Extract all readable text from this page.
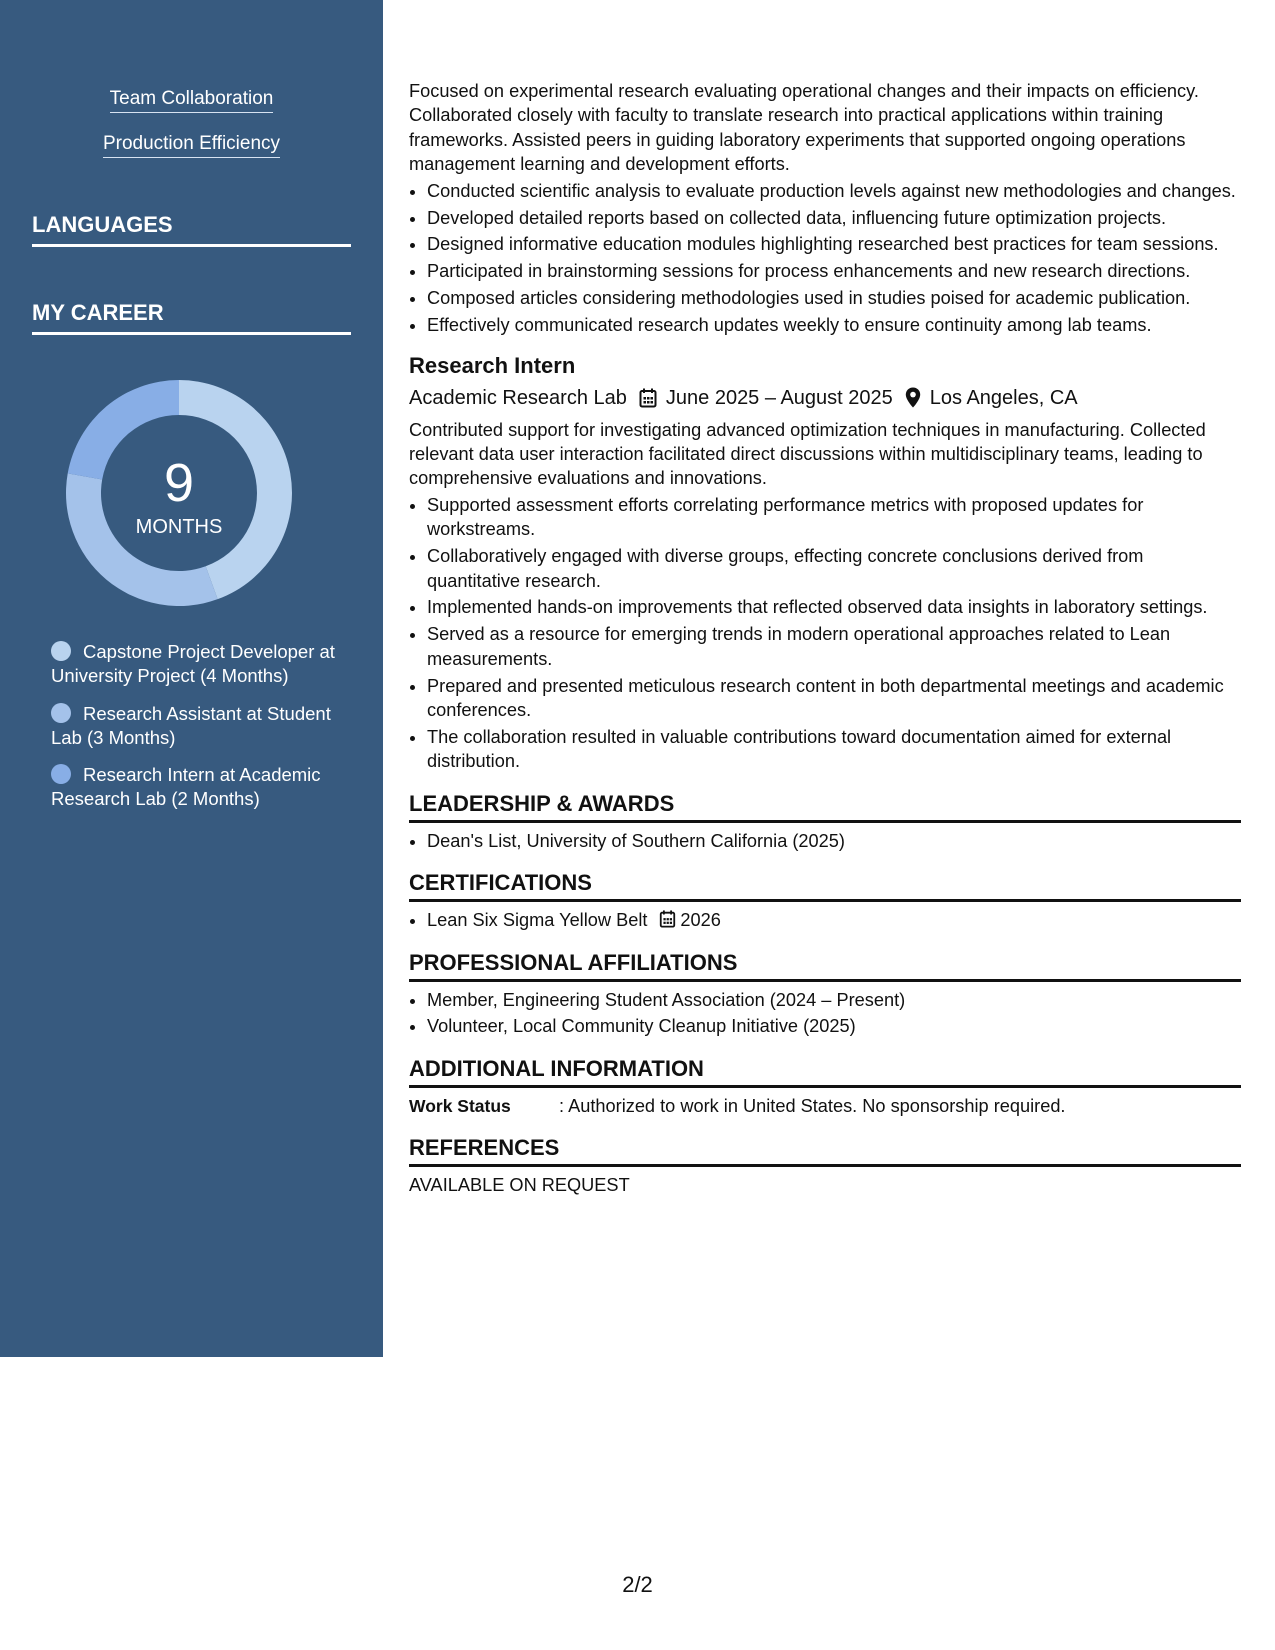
Team Collaboration
Production Efficiency
LANGUAGES
MY CAREER
9
MONTHS
Capstone Project Developer at University Project (4 Months)
Research Assistant at Student Lab (3 Months)
Research Intern at Academic Research Lab (2 Months)

Focused on experimental research evaluating operational changes and their impacts on efficiency. Collaborated closely with faculty to translate research into practical applications within training frameworks. Assisted peers in guiding laboratory experiments that supported ongoing operations management learning and development efforts.

• Conducted scientific analysis to evaluate production levels against new methodologies and changes.
• Developed detailed reports based on collected data, influencing future optimization projects.
• Designed informative education modules highlighting researched best practices for team sessions.
• Participated in brainstorming sessions for process enhancements and new research directions.
• Composed articles considering methodologies used in studies poised for academic publication.
• Effectively communicated research updates weekly to ensure continuity among lab teams.
Research Intern
Academic Research Lab June 2025 – August 2025 Los Angeles, CA

Contributed support for investigating advanced optimization techniques in manufacturing. Collected relevant data user interaction facilitated direct discussions within multidisciplinary teams, leading to comprehensive evaluations and innovations.

• Supported assessment efforts correlating performance metrics with proposed updates for workstreams.
• Collaboratively engaged with diverse groups, effecting concrete conclusions derived from quantitative research.
• Implemented hands-on improvements that reflected observed data insights in laboratory settings.
• Served as a resource for emerging trends in modern operational approaches related to Lean measurements.
• Prepared and presented meticulous research content in both departmental meetings and academic conferences.
• The collaboration resulted in valuable contributions toward documentation aimed for external distribution.
LEADERSHIP & AWARDS
• Dean's List, University of Southern California (2025)
CERTIFICATIONS
• Lean Six Sigma Yellow Belt 2026
PROFESSIONAL AFFILIATIONS
• Member, Engineering Student Association (2024 – Present)
• Volunteer, Local Community Cleanup Initiative (2025)
ADDITIONAL INFORMATION
Work Status	: Authorized to work in United States. No sponsorship required.
REFERENCES

AVAILABLE ON REQUEST

2/2
